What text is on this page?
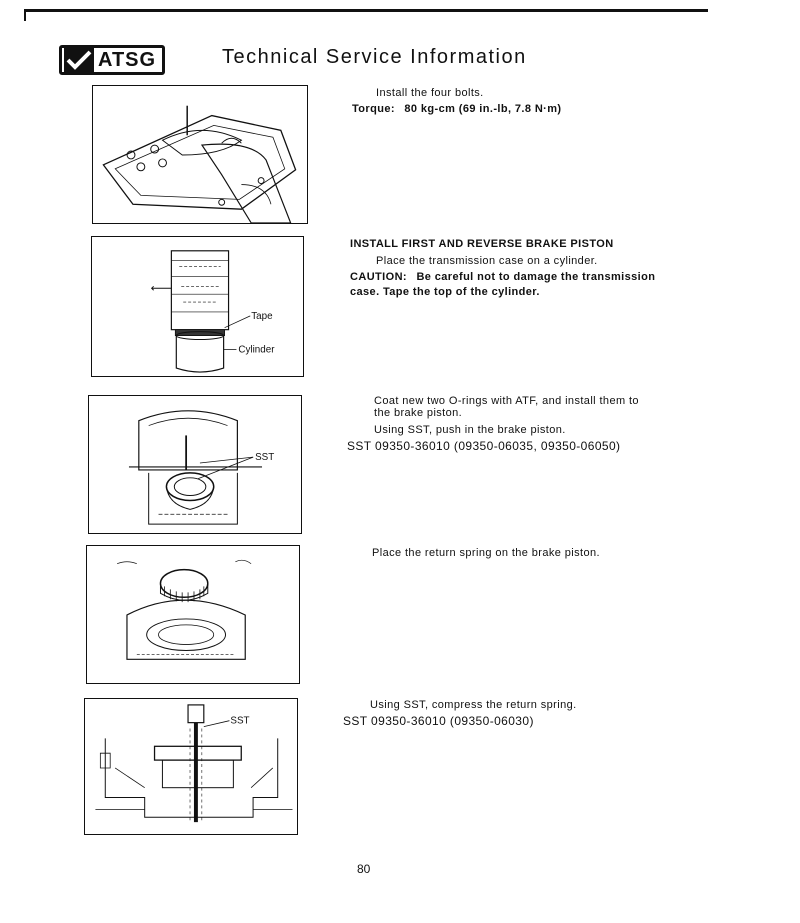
ATSG	Technical Service Information
Install the four bolts.
Torque: 80 kg-cm (69 in.-lb, 7.8 N·m)
Tape
Cylinder
INSTALL FIRST AND REVERSE BRAKE PISTON
Place the transmission case on a cylinder.
CAUTION: Be careful not to damage the transmission
case. Tape the top of the cylinder.
SST
Coat new two O-rings with ATF, and install them to
the brake piston.
Using SST, push in the brake piston.
SST 09350-36010 (09350-06035, 09350-06050)
Place the return spring on the brake piston.
SST
Using SST, compress the return spring.
SST 09350-36010 (09350-06030)
80
